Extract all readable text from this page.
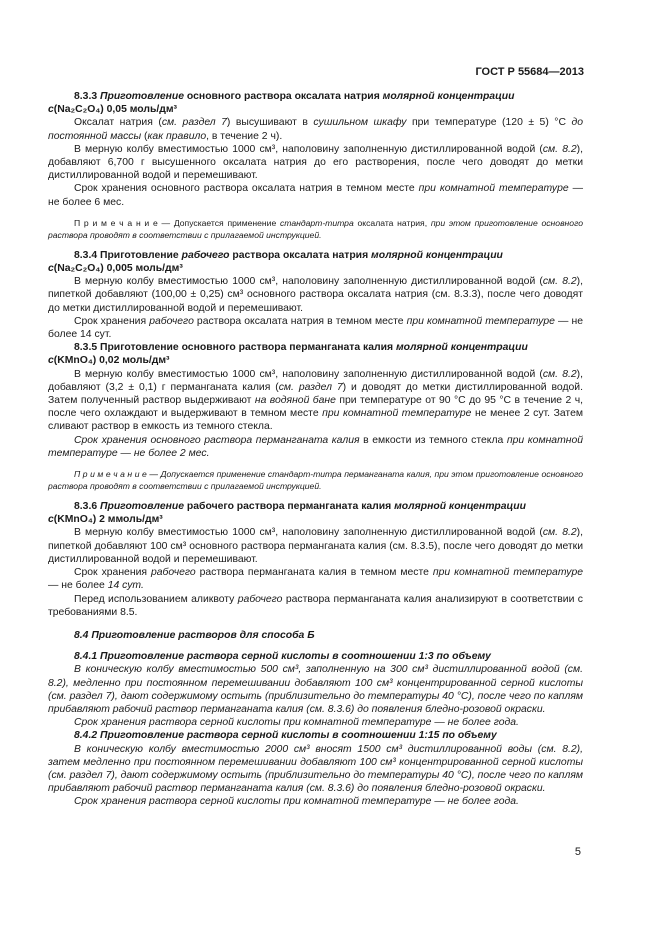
ГОСТ Р 55684—2013

8.3.3 Приготовление основного раствора оксалата натрия молярной концентрации

c(Na₂C₂O₄) 0,05 моль/дм³

Оксалат натрия (см. раздел 7) высушивают в сушильном шкафу при температуре (120 ± 5) °С до постоянной массы (как правило, в течение 2 ч).

В мерную колбу вместимостью 1000 см³, наполовину заполненную дистиллированной водой (см. 8.2), добавляют 6,700 г высушенного оксалата натрия до его растворения, после чего доводят до метки дистиллированной водой и перемешивают.

Срок хранения основного раствора оксалата натрия в темном месте при комнатной температуре — не более 6 мес.

П р и м е ч а н и е — Допускается применение стандарт-титра оксалата натрия, при этом приготовление основного раствора проводят в соответствии с прилагаемой инструкцией.

8.3.4 Приготовление рабочего раствора оксалата натрия молярной концентрации

c(Na₂C₂O₄) 0,005 моль/дм³

В мерную колбу вместимостью 1000 см³, наполовину заполненную дистиллированной водой (см. 8.2), пипеткой добавляют (100,00 ± 0,25) см³ основного раствора оксалата натрия (см. 8.3.3), после чего доводят до метки дистиллированной водой и перемешивают.

Срок хранения рабочего раствора оксалата натрия в темном месте при комнатной температуре — не более 14 сут.

8.3.5 Приготовление основного раствора перманганата калия молярной концентрации

c(KMnO₄) 0,02 моль/дм³

В мерную колбу вместимостью 1000 см³, наполовину заполненную дистиллированной водой (см. 8.2), добавляют (3,2 ± 0,1) г перманганата калия (см. раздел 7) и доводят до метки дистиллированной водой. Затем полученный раствор выдерживают на водяной бане при температуре от 90 °С до 95 °С в течение 2 ч, после чего охлаждают и выдерживают в темном месте при комнатной температуре не менее 2 сут. Затем сливают раствор в емкость из темного стекла.

Срок хранения основного раствора перманганата калия в емкости из темного стекла при комнатной температуре — не более 2 мес.

П р и м е ч а н и е — Допускается применение стандарт-титра перманганата калия, при этом приготовление основного раствора проводят в соответствии с прилагаемой инструкцией.

8.3.6 Приготовление рабочего раствора перманганата калия молярной концентрации

c(KMnO₄) 2 ммоль/дм³

В мерную колбу вместимостью 1000 см³, наполовину заполненную дистиллированной водой (см. 8.2), пипеткой добавляют 100 см³ основного раствора перманганата калия (см. 8.3.5), после чего доводят до метки дистиллированной водой и перемешивают.

Срок хранения рабочего раствора перманганата калия в темном месте при комнатной температуре — не более 14 сут.

Перед использованием аликвоту рабочего раствора перманганата калия анализируют в соответствии с требованиями 8.5.

8.4 Приготовление растворов для способа Б

8.4.1 Приготовление раствора серной кислоты в соотношении 1:3 по объему

В коническую колбу вместимостью 500 см³, заполненную на 300 см³ дистиллированной водой (см. 8.2), медленно при постоянном перемешивании добавляют 100 см³ концентрированной серной кислоты (см. раздел 7), дают содержимому остыть (приблизительно до температуры 40 °С), после чего по каплям прибавляют рабочий раствор перманганата калия (см. 8.3.6) до появления бледно-розовой окраски.

Срок хранения раствора серной кислоты при комнатной температуре — не более года.

8.4.2 Приготовление раствора серной кислоты в соотношении 1:15 по объему

В коническую колбу вместимостью 2000 см³ вносят 1500 см³ дистиллированной воды (см. 8.2), затем медленно при постоянном перемешивании добавляют 100 см³ концентрированной серной кислоты (см. раздел 7), дают содержимому остыть (приблизительно до температуры 40 °С), после чего по каплям прибавляют рабочий раствор перманганата калия (см. 8.3.6) до появления бледно-розовой окраски.

Срок хранения раствора серной кислоты при комнатной температуре — не более года.

5
